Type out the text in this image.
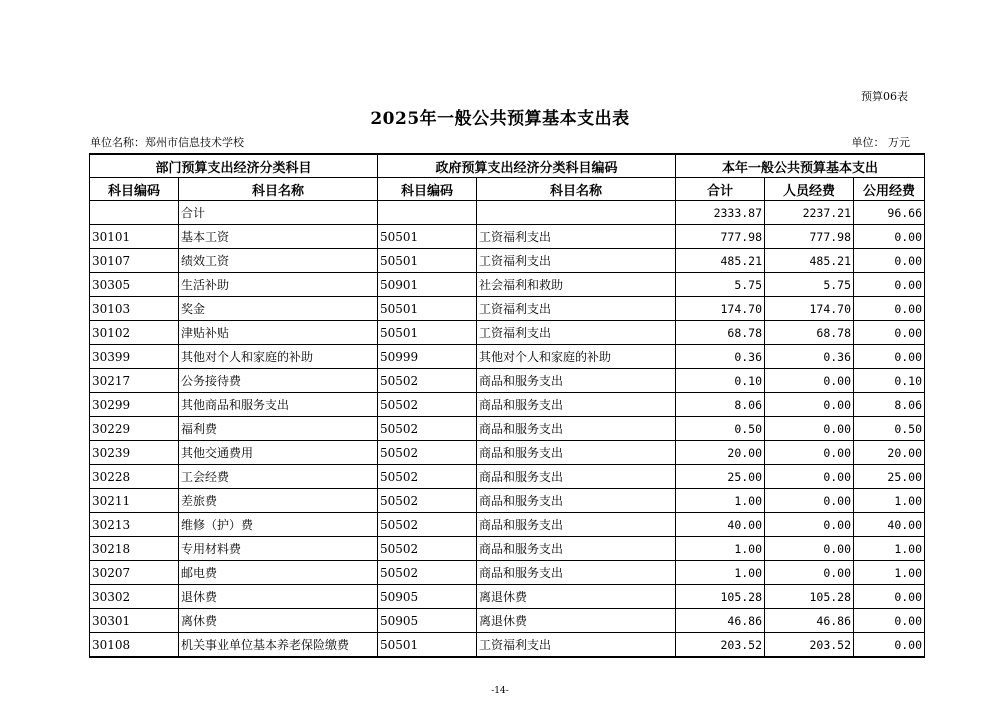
预算06表
2025年一般公共预算基本支出表
单位名称：郑州市信息技术学校	单位： 万元
部门预算支出经济分类科目		政府预算支出经济分类科目编码		本年一般公共预算基本支出		
科目编码	科目名称	科目编码	科目名称	合计	人员经费	公用经费
	合计			2333.87	2237.21	96.66
30101	基本工资	50501	工资福利支出	777.98	777.98	0.00
30107	绩效工资	50501	工资福利支出	485.21	485.21	0.00
30305	生活补助	50901	社会福利和救助	5.75	5.75	0.00
30103	奖金	50501	工资福利支出	174.70	174.70	0.00
30102	津贴补贴	50501	工资福利支出	68.78	68.78	0.00
30399	其他对个人和家庭的补助	50999	其他对个人和家庭的补助	0.36	0.36	0.00
30217	公务接待费	50502	商品和服务支出	0.10	0.00	0.10
30299	其他商品和服务支出	50502	商品和服务支出	8.06	0.00	8.06
30229	福利费	50502	商品和服务支出	0.50	0.00	0.50
30239	其他交通费用	50502	商品和服务支出	20.00	0.00	20.00
30228	工会经费	50502	商品和服务支出	25.00	0.00	25.00
30211	差旅费	50502	商品和服务支出	1.00	0.00	1.00
30213	维修（护）费	50502	商品和服务支出	40.00	0.00	40.00
30218	专用材料费	50502	商品和服务支出	1.00	0.00	1.00
30207	邮电费	50502	商品和服务支出	1.00	0.00	1.00
30302	退休费	50905	离退休费	105.28	105.28	0.00
30301	离休费	50905	离退休费	46.86	46.86	0.00
30108	机关事业单位基本养老保险缴费	50501	工资福利支出	203.52	203.52	0.00
-14-
